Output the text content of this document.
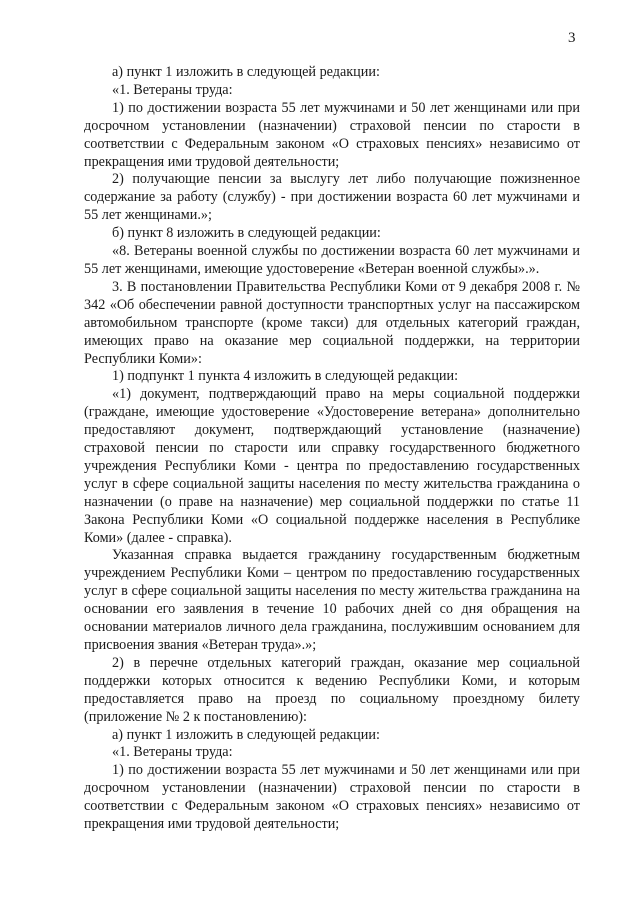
3

а) пункт 1 изложить в следующей редакции:

«1. Ветераны труда:

1) по достижении возраста 55 лет мужчинами и 50 лет женщинами или при досрочном установлении (назначении) страховой пенсии по старости в соответствии с Федеральным законом «О страховых пенсиях» независимо от прекращения ими трудовой деятельности;

2) получающие пенсии за выслугу лет либо получающие пожизненное содержание за работу (службу) - при достижении возраста 60 лет мужчинами и 55 лет женщинами.»;

б) пункт 8 изложить в следующей редакции:

«8. Ветераны военной службы по достижении возраста 60 лет мужчинами и 55 лет женщинами, имеющие удостоверение «Ветеран военной службы».».

3. В постановлении Правительства Республики Коми от 9 декабря 2008 г. № 342 «Об обеспечении равной доступности транспортных услуг на пассажирском автомобильном транспорте (кроме такси) для отдельных категорий граждан, имеющих право на оказание мер социальной поддержки, на территории Республики Коми»:

1) подпункт 1 пункта 4 изложить в следующей редакции:

«1) документ, подтверждающий право на меры социальной поддержки (граждане, имеющие удостоверение «Удостоверение ветерана» дополнительно предоставляют документ, подтверждающий установление (назначение) страховой пенсии по старости или справку государственного бюджетного учреждения Республики Коми - центра по предоставлению государственных услуг в сфере социальной защиты населения по месту жительства гражданина о назначении (о праве на назначение) мер социальной поддержки по статье 11 Закона Республики Коми «О социальной поддержке населения в Республике Коми» (далее - справка).

Указанная справка выдается гражданину государственным бюджетным учреждением Республики Коми – центром по предоставлению государственных услуг в сфере социальной защиты населения по месту жительства гражданина на основании его заявления в течение 10 рабочих дней со дня обращения на основании материалов личного дела гражданина, послужившим основанием для присвоения звания «Ветеран труда».»;

2) в перечне отдельных категорий граждан, оказание мер социальной поддержки которых относится к ведению Республики Коми, и которым предоставляется право на проезд по социальному проездному билету (приложение № 2 к постановлению):

а) пункт 1 изложить в следующей редакции:

«1. Ветераны труда:

1) по достижении возраста 55 лет мужчинами и 50 лет женщинами или при досрочном установлении (назначении) страховой пенсии по старости в соответствии с Федеральным законом «О страховых пенсиях» независимо от прекращения ими трудовой деятельности;
